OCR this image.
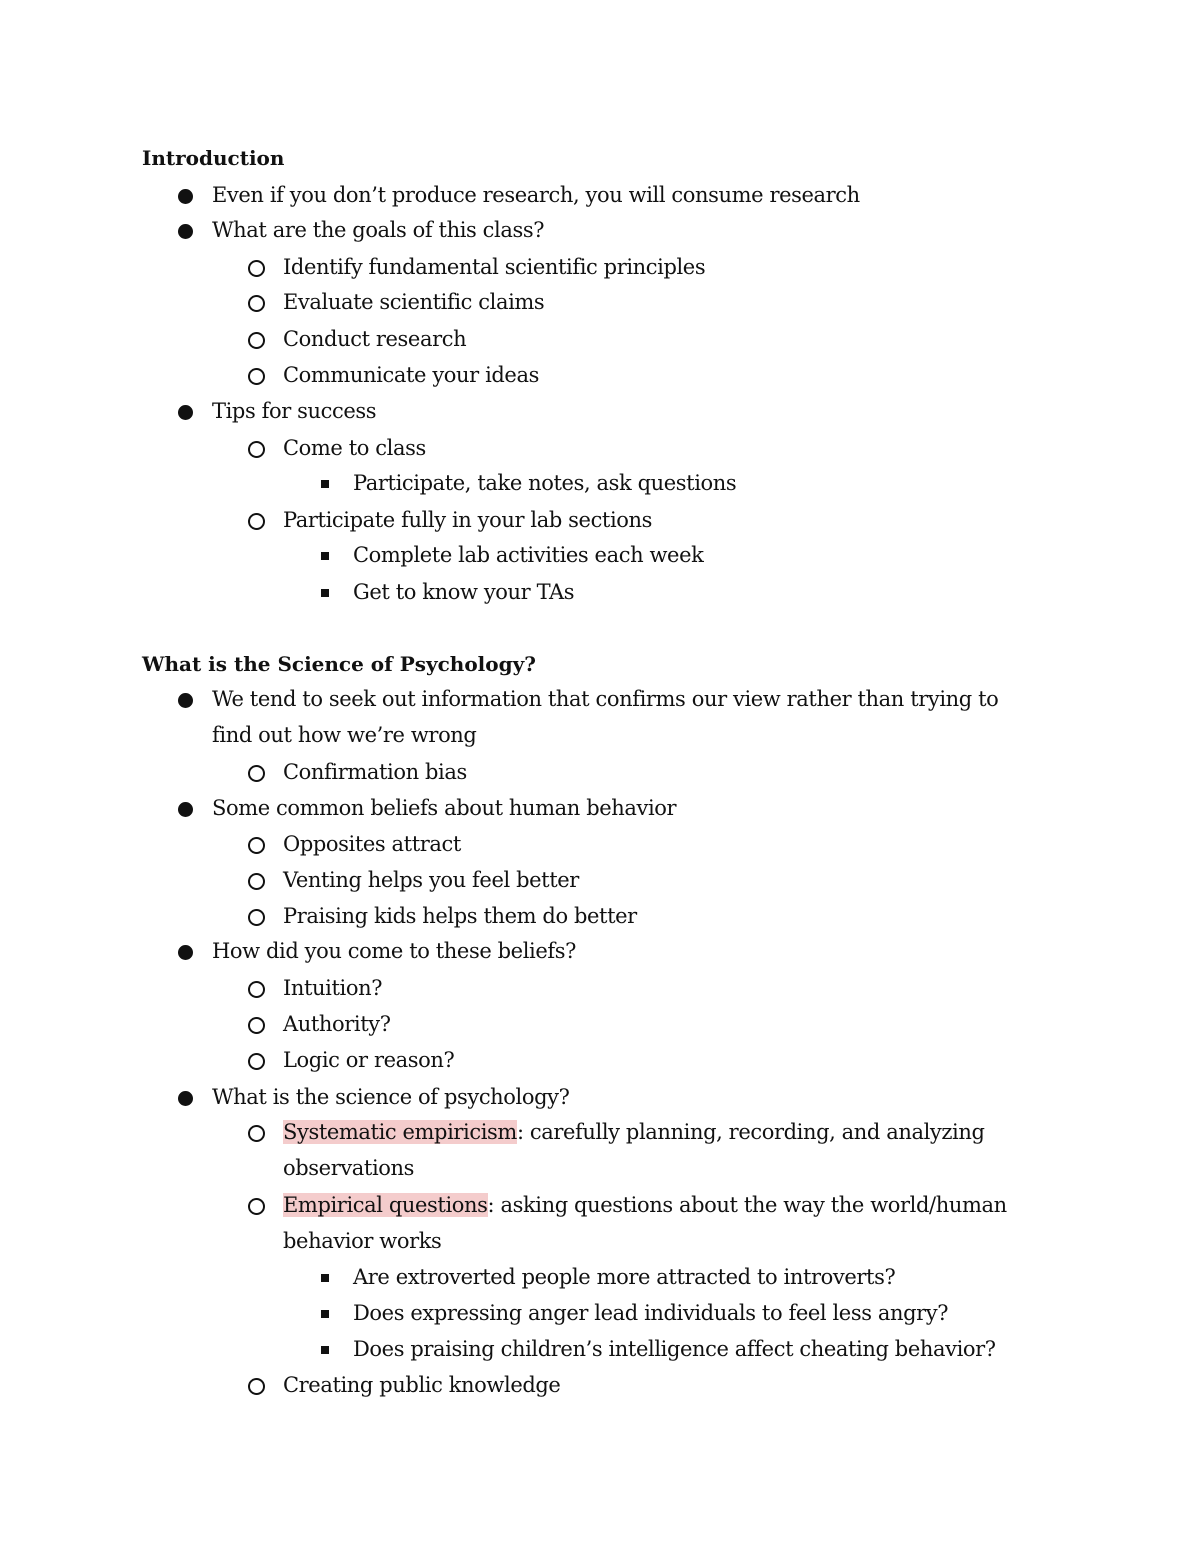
Introduction
Even if you don’t produce research, you will consume research
What are the goals of this class?
Identify fundamental scientific principles
Evaluate scientific claims
Conduct research
Communicate your ideas
Tips for success
Come to class
Participate, take notes, ask questions
Participate fully in your lab sections
Complete lab activities each week
Get to know your TAs
What is the Science of Psychology?
We tend to seek out information that confirms our view rather than trying to find out how we’re wrong
Confirmation bias
Some common beliefs about human behavior
Opposites attract
Venting helps you feel better
Praising kids helps them do better
How did you come to these beliefs?
Intuition?
Authority?
Logic or reason?
What is the science of psychology?
Systematic empiricism: carefully planning, recording, and analyzing observations
Empirical questions: asking questions about the way the world/human behavior works
Are extroverted people more attracted to introverts?
Does expressing anger lead individuals to feel less angry?
Does praising children’s intelligence affect cheating behavior?
Creating public knowledge
